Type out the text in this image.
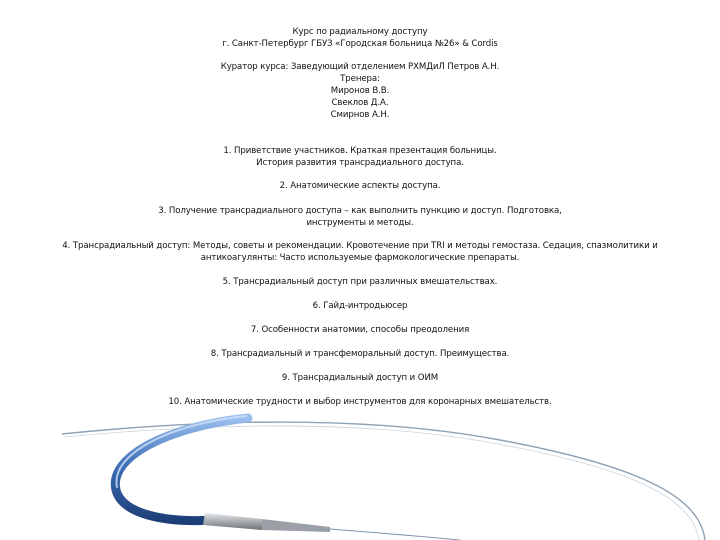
Курс по радиальному доступу
г. Санкт-Петербург ГБУЗ «Городская больница №26» & Cordis
Куратор курса: Заведующий отделением РХМДиЛ Петров А.Н.
Тренера:
Миронов В.В.
Свеклов Д.А.
Смирнов А.Н.
1. Приветствие участников. Краткая презентация больницы.
История развития трансрадиального доступа.
2. Анатомические аспекты доступа.
3. Получение трансрадиального доступа – как выполнить пункцию и доступ. Подготовка,
инструменты и методы.
4. Трансрадиальный доступ: Методы, советы и рекомендации. Кровотечение при TRI и методы гемостаза. Седация, спазмолитики и
антикоагулянты: Часто используемые фармокологические препараты.
5. Трансрадиальный доступ при различных вмешательствах.
6. Гайд-интродьюсер
7. Особенности анатомии, способы преодоления
8. Трансрадиальный и трансфеморальный доступ. Преимущества.
9. Трансрадиальный доступ и ОИМ
10. Анатомические трудности и выбор инструментов для коронарных вмешательств.
